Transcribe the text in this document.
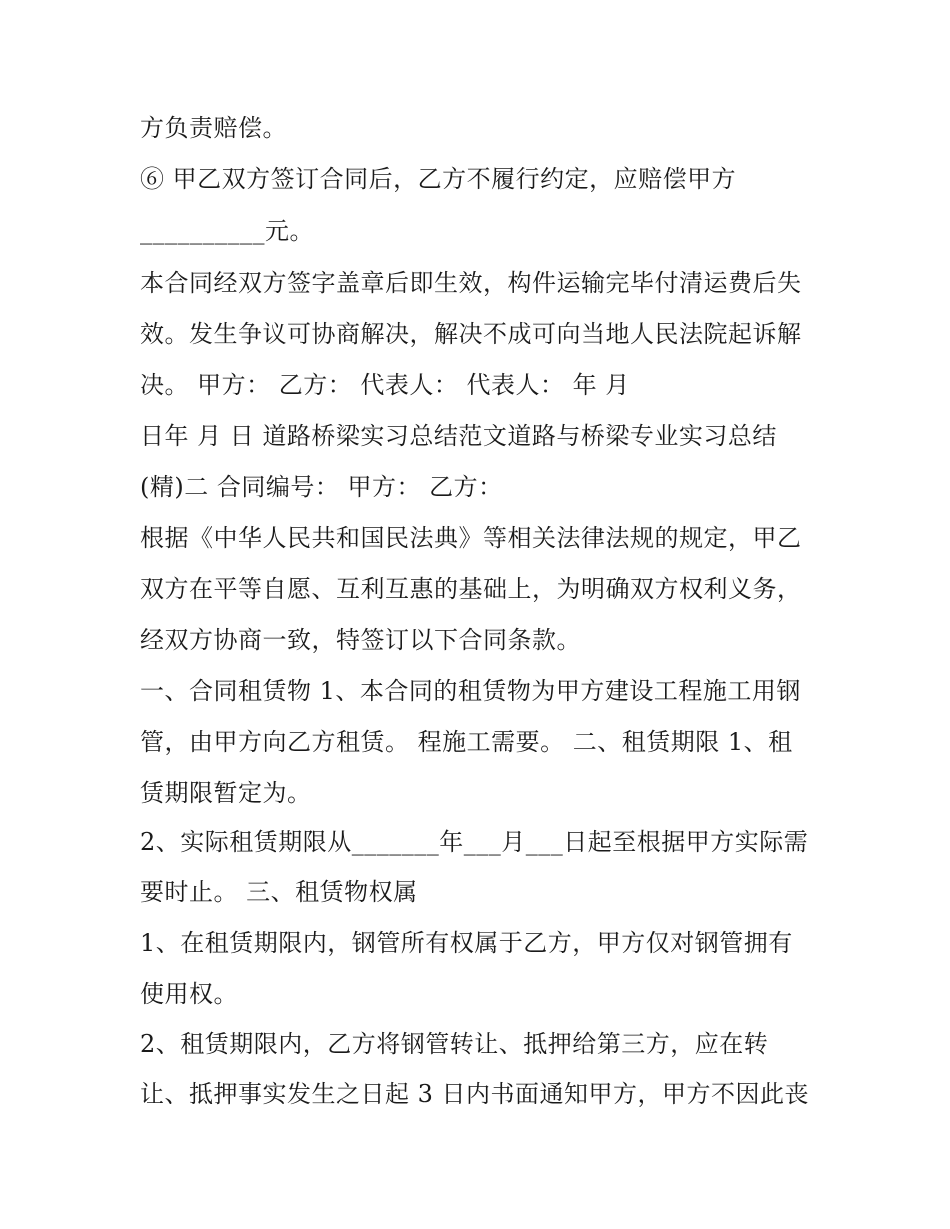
方负责赔偿。
⑥ 甲乙双方签订合同后，乙方不履行约定，应赔偿甲方
__________元。
本合同经双方签字盖章后即生效，构件运输完毕付清运费后失
效。发生争议可协商解决，解决不成可向当地人民法院起诉解
决。 甲方： 乙方： 代表人： 代表人： 年 月
日年 月 日 道路桥梁实习总结范文道路与桥梁专业实习总结
(精)二 合同编号： 甲方： 乙方：
根据《中华人民共和国民法典》等相关法律法规的规定，甲乙
双方在平等自愿、互利互惠的基础上，为明确双方权利义务，
经双方协商一致，特签订以下合同条款。
一、合同租赁物 1、本合同的租赁物为甲方建设工程施工用钢
管，由甲方向乙方租赁。 程施工需要。 二、租赁期限 1、租
赁期限暂定为。
2、实际租赁期限从_______年___月___日起至根据甲方实际需
要时止。 三、租赁物权属
1、在租赁期限内，钢管所有权属于乙方，甲方仅对钢管拥有
使用权。
2、租赁期限内，乙方将钢管转让、抵押给第三方，应在转
让、抵押事实发生之日起 3 日内书面通知甲方，甲方不因此丧
